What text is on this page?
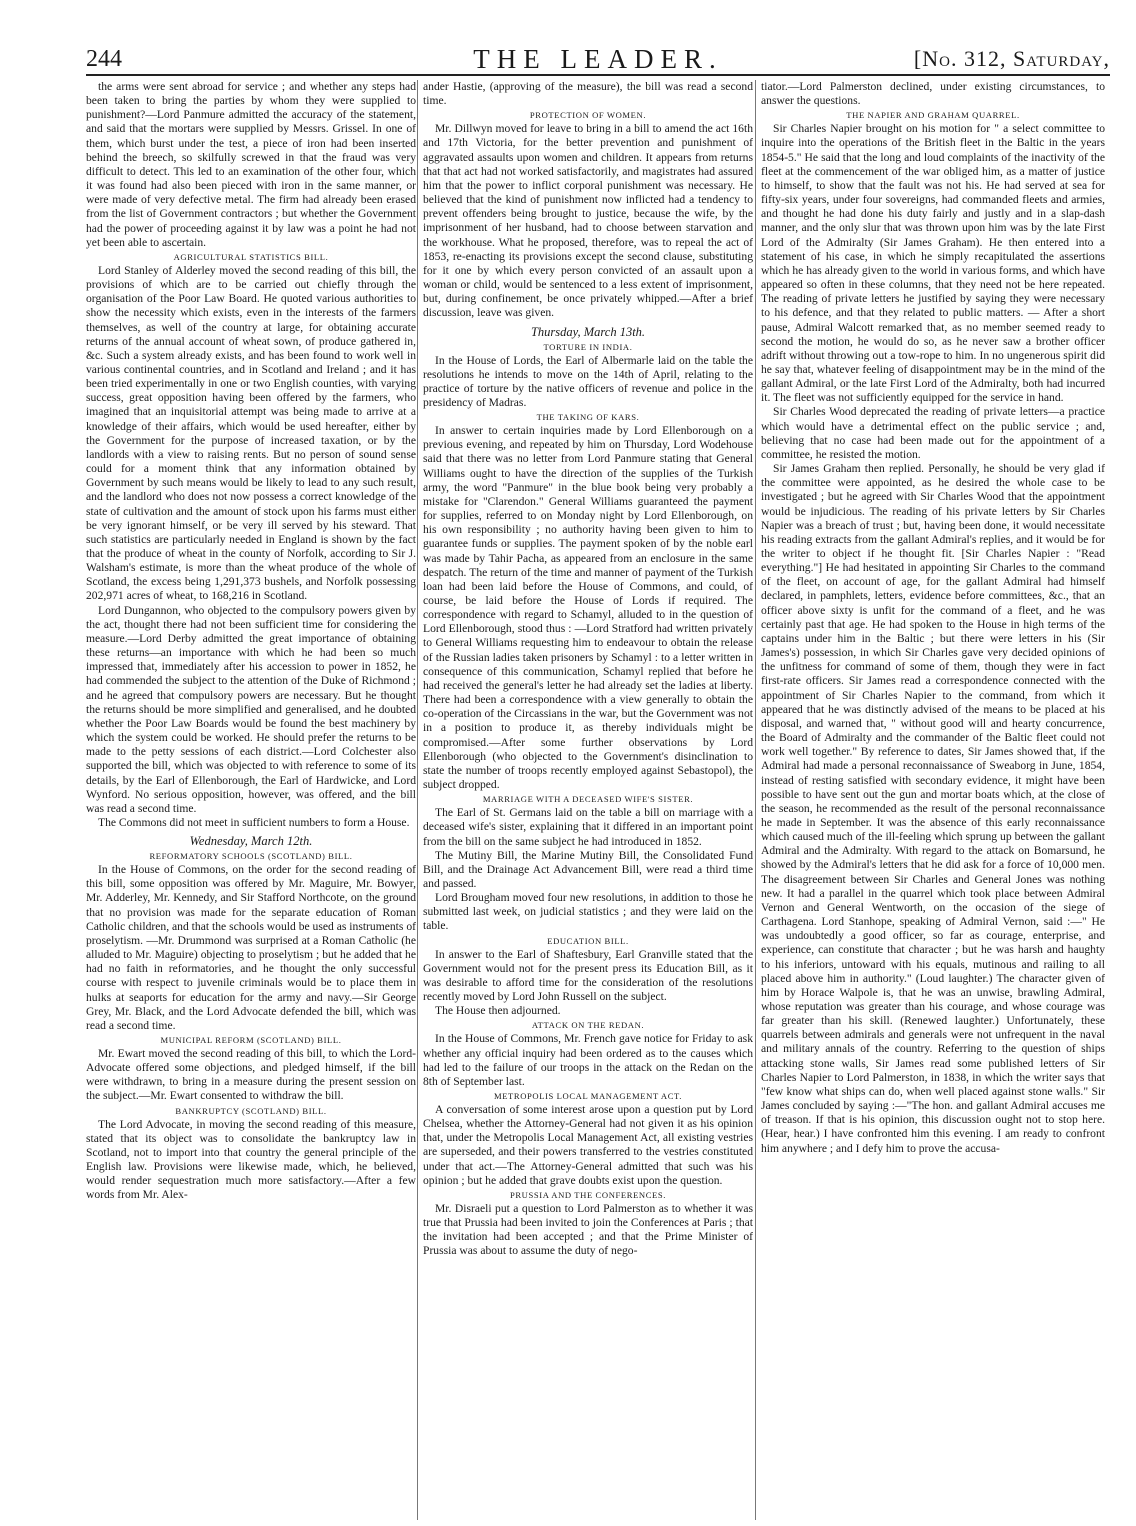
244	THE LEADER.	[No. 312, Saturday,

the arms were sent abroad for service ; and whether any steps had been taken to bring the parties by whom they were supplied to punishment?—Lord Panmure admitted the accuracy of the statement, and said that the mortars were supplied by Messrs. Grissel. In one of them, which burst under the test, a piece of iron had been inserted behind the breech, so skilfully screwed in that the fraud was very difficult to detect. This led to an examination of the other four, which it was found had also been pieced with iron in the same manner, or were made of very defective metal. The firm had already been erased from the list of Government contractors ; but whether the Government had the power of proceeding against it by law was a point he had not yet been able to ascertain.

AGRICULTURAL STATISTICS BILL.

Lord Stanley of Alderley moved the second reading of this bill, the provisions of which are to be carried out chiefly through the organisation of the Poor Law Board. He quoted various authorities to show the necessity which exists, even in the interests of the farmers themselves, as well of the country at large, for obtaining accurate returns of the annual account of wheat sown, of produce gathered in, &c. Such a system already exists, and has been found to work well in various continental countries, and in Scotland and Ireland ; and it has been tried experimentally in one or two English counties, with varying success, great opposition having been offered by the farmers, who imagined that an inquisitorial attempt was being made to arrive at a knowledge of their affairs, which would be used hereafter, either by the Government for the purpose of increased taxation, or by the landlords with a view to raising rents. But no person of sound sense could for a moment think that any information obtained by Government by such means would be likely to lead to any such result, and the landlord who does not now possess a correct knowledge of the state of cultivation and the amount of stock upon his farms must either be very ignorant himself, or be very ill served by his steward. That such statistics are particularly needed in England is shown by the fact that the produce of wheat in the county of Norfolk, according to Sir J. Walsham's estimate, is more than the wheat produce of the whole of Scotland, the excess being 1,291,373 bushels, and Norfolk possessing 202,971 acres of wheat, to 168,216 in Scotland.

Lord Dungannon, who objected to the compulsory powers given by the act, thought there had not been sufficient time for considering the measure.—Lord Derby admitted the great importance of obtaining these returns—an importance with which he had been so much impressed that, immediately after his accession to power in 1852, he had commended the subject to the attention of the Duke of Richmond ; and he agreed that compulsory powers are necessary. But he thought the returns should be more simplified and generalised, and he doubted whether the Poor Law Boards would be found the best machinery by which the system could be worked. He should prefer the returns to be made to the petty sessions of each district.—Lord Colchester also supported the bill, which was objected to with reference to some of its details, by the Earl of Ellenborough, the Earl of Hardwicke, and Lord Wynford. No serious opposition, however, was offered, and the bill was read a second time.

The Commons did not meet in sufficient numbers to form a House.

Wednesday, March 12th.
REFORMATORY SCHOOLS (SCOTLAND) BILL.

In the House of Commons, on the order for the second reading of this bill, some opposition was offered by Mr. Maguire, Mr. Bowyer, Mr. Adderley, Mr. Kennedy, and Sir Stafford Northcote, on the ground that no provision was made for the separate education of Roman Catholic children, and that the schools would be used as instruments of proselytism. —Mr. Drummond was surprised at a Roman Catholic (he alluded to Mr. Maguire) objecting to proselytism ; but he added that he had no faith in reformatories, and he thought the only successful course with respect to juvenile criminals would be to place them in hulks at seaports for education for the army and navy.—Sir George Grey, Mr. Black, and the Lord Advocate defended the bill, which was read a second time.

MUNICIPAL REFORM (SCOTLAND) BILL.

Mr. Ewart moved the second reading of this bill, to which the Lord-Advocate offered some objections, and pledged himself, if the bill were withdrawn, to bring in a measure during the present session on the subject.—Mr. Ewart consented to withdraw the bill.

BANKRUPTCY (SCOTLAND) BILL.

The Lord Advocate, in moving the second reading of this measure, stated that its object was to consolidate the bankruptcy law in Scotland, not to import into that country the general principle of the English law. Provisions were likewise made, which, he believed, would render sequestration much more satisfactory.—After a few words from Mr. Alex-

ander Hastie, (approving of the measure), the bill was read a second time.

PROTECTION OF WOMEN.

Mr. Dillwyn moved for leave to bring in a bill to amend the act 16th and 17th Victoria, for the better prevention and punishment of aggravated assaults upon women and children. It appears from returns that that act had not worked satisfactorily, and magistrates had assured him that the power to inflict corporal punishment was necessary. He believed that the kind of punishment now inflicted had a tendency to prevent offenders being brought to justice, because the wife, by the imprisonment of her husband, had to choose between starvation and the workhouse. What he proposed, therefore, was to repeal the act of 1853, re-enacting its provisions except the second clause, substituting for it one by which every person convicted of an assault upon a woman or child, would be sentenced to a less extent of imprisonment, but, during confinement, be once privately whipped.—After a brief discussion, leave was given.

Thursday, March 13th.
TORTURE IN INDIA.

In the House of Lords, the Earl of Albermarle laid on the table the resolutions he intends to move on the 14th of April, relating to the practice of torture by the native officers of revenue and police in the presidency of Madras.

THE TAKING OF KARS.

In answer to certain inquiries made by Lord Ellenborough on a previous evening, and repeated by him on Thursday, Lord Wodehouse said that there was no letter from Lord Panmure stating that General Williams ought to have the direction of the supplies of the Turkish army, the word "Panmure" in the blue book being very probably a mistake for "Clarendon." General Williams guaranteed the payment for supplies, referred to on Monday night by Lord Ellenborough, on his own responsibility ; no authority having been given to him to guarantee funds or supplies. The payment spoken of by the noble earl was made by Tahir Pacha, as appeared from an enclosure in the same despatch. The return of the time and manner of payment of the Turkish loan had been laid before the House of Commons, and could, of course, be laid before the House of Lords if required. The correspondence with regard to Schamyl, alluded to in the question of Lord Ellenborough, stood thus : —Lord Stratford had written privately to General Williams requesting him to endeavour to obtain the release of the Russian ladies taken prisoners by Schamyl : to a letter written in consequence of this communication, Schamyl replied that before he had received the general's letter he had already set the ladies at liberty. There had been a correspondence with a view generally to obtain the co-operation of the Circassians in the war, but the Government was not in a position to produce it, as thereby individuals might be compromised.—After some further observations by Lord Ellenborough (who objected to the Government's disinclination to state the number of troops recently employed against Sebastopol), the subject dropped.

MARRIAGE WITH A DECEASED WIFE'S SISTER.

The Earl of St. Germans laid on the table a bill on marriage with a deceased wife's sister, explaining that it differed in an important point from the bill on the same subject he had introduced in 1852.

The Mutiny Bill, the Marine Mutiny Bill, the Consolidated Fund Bill, and the Drainage Act Advancement Bill, were read a third time and passed.

Lord Brougham moved four new resolutions, in addition to those he submitted last week, on judicial statistics ; and they were laid on the table.

EDUCATION BILL.

In answer to the Earl of Shaftesbury, Earl Granville stated that the Government would not for the present press its Education Bill, as it was desirable to afford time for the consideration of the resolutions recently moved by Lord John Russell on the subject.

The House then adjourned.

ATTACK ON THE REDAN.

In the House of Commons, Mr. French gave notice for Friday to ask whether any official inquiry had been ordered as to the causes which had led to the failure of our troops in the attack on the Redan on the 8th of September last.

METROPOLIS LOCAL MANAGEMENT ACT.

A conversation of some interest arose upon a question put by Lord Chelsea, whether the Attorney-General had not given it as his opinion that, under the Metropolis Local Management Act, all existing vestries are superseded, and their powers transferred to the vestries constituted under that act.—The Attorney-General admitted that such was his opinion ; but he added that grave doubts exist upon the question.

PRUSSIA AND THE CONFERENCES.

Mr. Disraeli put a question to Lord Palmerston as to whether it was true that Prussia had been invited to join the Conferences at Paris ; that the invitation had been accepted ; and that the Prime Minister of Prussia was about to assume the duty of nego-

tiator.—Lord Palmerston declined, under existing circumstances, to answer the questions.

THE NAPIER AND GRAHAM QUARREL.

Sir Charles Napier brought on his motion for " a select committee to inquire into the operations of the British fleet in the Baltic in the years 1854-5." He said that the long and loud complaints of the inactivity of the fleet at the commencement of the war obliged him, as a matter of justice to himself, to show that the fault was not his. He had served at sea for fifty-six years, under four sovereigns, had commanded fleets and armies, and thought he had done his duty fairly and justly and in a slap-dash manner, and the only slur that was thrown upon him was by the late First Lord of the Admiralty (Sir James Graham). He then entered into a statement of his case, in which he simply recapitulated the assertions which he has already given to the world in various forms, and which have appeared so often in these columns, that they need not be here repeated. The reading of private letters he justified by saying they were necessary to his defence, and that they related to public matters. — After a short pause, Admiral Walcott remarked that, as no member seemed ready to second the motion, he would do so, as he never saw a brother officer adrift without throwing out a tow-rope to him. In no ungenerous spirit did he say that, whatever feeling of disappointment may be in the mind of the gallant Admiral, or the late First Lord of the Admiralty, both had incurred it. The fleet was not sufficiently equipped for the service in hand.

Sir Charles Wood deprecated the reading of private letters—a practice which would have a detrimental effect on the public service ; and, believing that no case had been made out for the appointment of a committee, he resisted the motion.

Sir James Graham then replied. Personally, he should be very glad if the committee were appointed, as he desired the whole case to be investigated ; but he agreed with Sir Charles Wood that the appointment would be injudicious. The reading of his private letters by Sir Charles Napier was a breach of trust ; but, having been done, it would necessitate his reading extracts from the gallant Admiral's replies, and it would be for the writer to object if he thought fit. [Sir Charles Napier : "Read everything."] He had hesitated in appointing Sir Charles to the command of the fleet, on account of age, for the gallant Admiral had himself declared, in pamphlets, letters, evidence before committees, &c., that an officer above sixty is unfit for the command of a fleet, and he was certainly past that age. He had spoken to the House in high terms of the captains under him in the Baltic ; but there were letters in his (Sir James's) possession, in which Sir Charles gave very decided opinions of the unfitness for command of some of them, though they were in fact first-rate officers. Sir James read a correspondence connected with the appointment of Sir Charles Napier to the command, from which it appeared that he was distinctly advised of the means to be placed at his disposal, and warned that, " without good will and hearty concurrence, the Board of Admiralty and the commander of the Baltic fleet could not work well together." By reference to dates, Sir James showed that, if the Admiral had made a personal reconnaissance of Sweaborg in June, 1854, instead of resting satisfied with secondary evidence, it might have been possible to have sent out the gun and mortar boats which, at the close of the season, he recommended as the result of the personal reconnaissance he made in September. It was the absence of this early reconnaissance which caused much of the ill-feeling which sprung up between the gallant Admiral and the Admiralty. With regard to the attack on Bomarsund, he showed by the Admiral's letters that he did ask for a force of 10,000 men. The disagreement between Sir Charles and General Jones was nothing new. It had a parallel in the quarrel which took place between Admiral Vernon and General Wentworth, on the occasion of the siege of Carthagena. Lord Stanhope, speaking of Admiral Vernon, said :—" He was undoubtedly a good officer, so far as courage, enterprise, and experience, can constitute that character ; but he was harsh and haughty to his inferiors, untoward with his equals, mutinous and railing to all placed above him in authority." (Loud laughter.) The character given of him by Horace Walpole is, that he was an unwise, brawling Admiral, whose reputation was greater than his courage, and whose courage was far greater than his skill. (Renewed laughter.) Unfortunately, these quarrels between admirals and generals were not unfrequent in the naval and military annals of the country. Referring to the question of ships attacking stone walls, Sir James read some published letters of Sir Charles Napier to Lord Palmerston, in 1838, in which the writer says that "few know what ships can do, when well placed against stone walls." Sir James concluded by saying :—"The hon. and gallant Admiral accuses me of treason. If that is his opinion, this discussion ought not to stop here. (Hear, hear.) I have confronted him this evening. I am ready to confront him anywhere ; and I defy him to prove the accusa-
